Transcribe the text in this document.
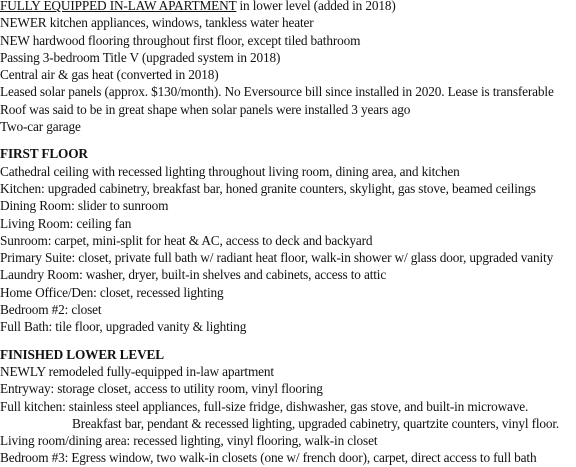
FULLY EQUIPPED IN-LAW APARTMENT in lower level (added in 2018)
NEWER kitchen appliances, windows, tankless water heater
NEW hardwood flooring throughout first floor, except tiled bathroom
Passing 3-bedroom Title V (upgraded system in 2018)
Central air & gas heat (converted in 2018)
Leased solar panels (approx. $130/month). No Eversource bill since installed in 2020. Lease is transferable
Roof was said to be in great shape when solar panels were installed 3 years ago
Two-car garage
FIRST FLOOR
Cathedral ceiling with recessed lighting throughout living room, dining area, and kitchen
Kitchen: upgraded cabinetry, breakfast bar, honed granite counters, skylight, gas stove, beamed ceilings
Dining Room: slider to sunroom
Living Room: ceiling fan
Sunroom: carpet, mini-split for heat & AC, access to deck and backyard
Primary Suite: closet, private full bath w/ radiant heat floor, walk-in shower w/ glass door, upgraded vanity
Laundry Room: washer, dryer, built-in shelves and cabinets, access to attic
Home Office/Den: closet, recessed lighting
Bedroom #2: closet
Full Bath: tile floor, upgraded vanity & lighting
FINISHED LOWER LEVEL
NEWLY remodeled fully-equipped in-law apartment
Entryway: storage closet, access to utility room, vinyl flooring
Full kitchen: stainless steel appliances, full-size fridge, dishwasher, gas stove, and built-in microwave.
Breakfast bar, pendant & recessed lighting, upgraded cabinetry, quartzite counters, vinyl floor.
Living room/dining area: recessed lighting, vinyl flooring, walk-in closet
Bedroom #3: Egress window, two walk-in closets (one w/ french door), carpet, direct access to full bath
